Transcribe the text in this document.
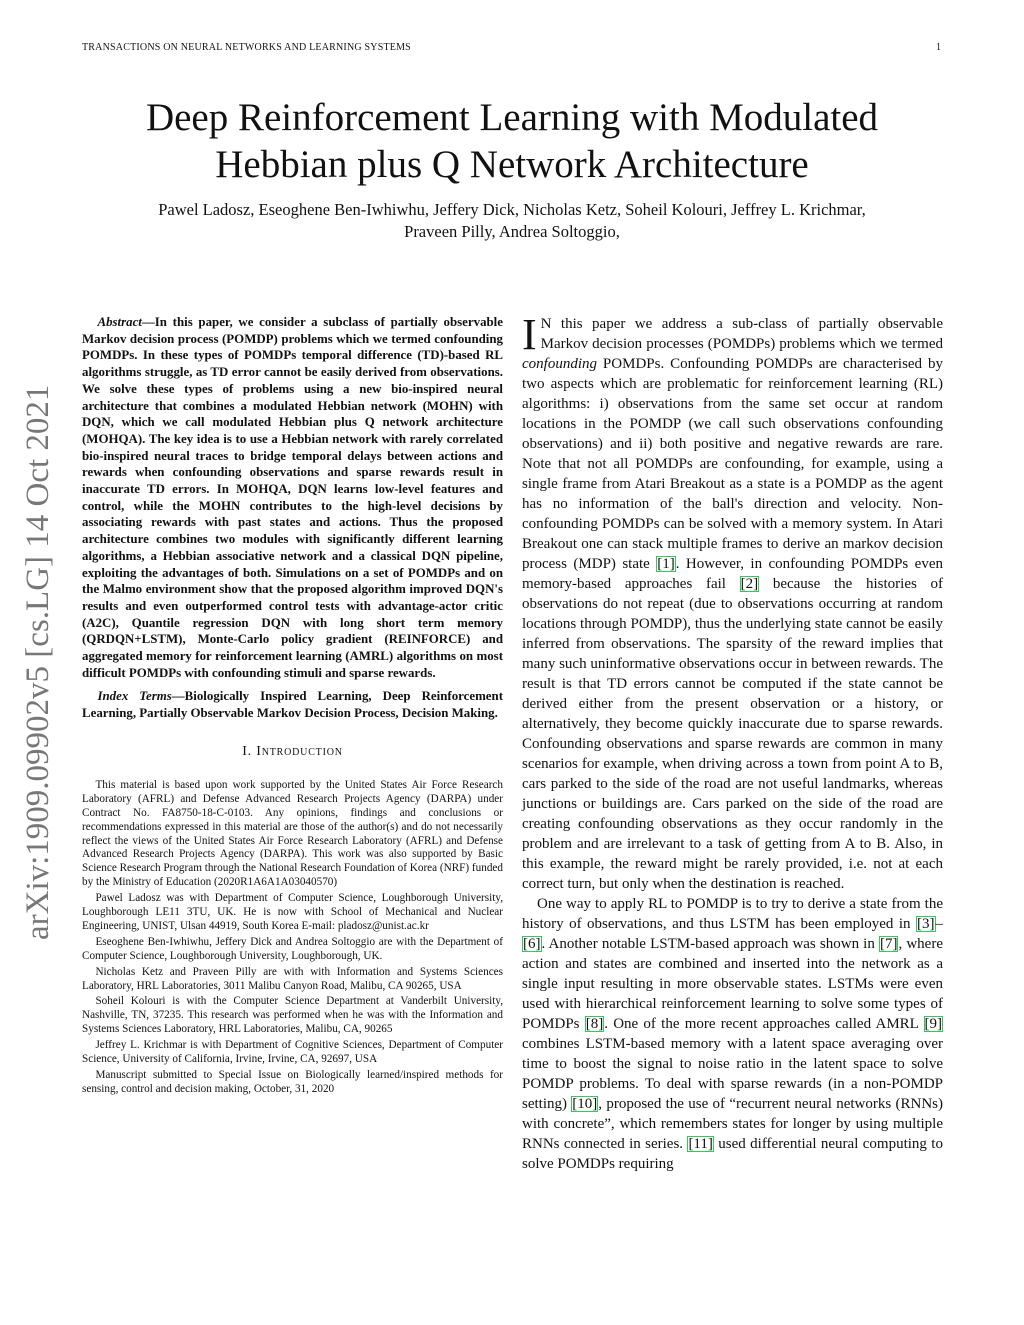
TRANSACTIONS ON NEURAL NETWORKS AND LEARNING SYSTEMS	1
arXiv:1909.09902v5 [cs.LG] 14 Oct 2021
Deep Reinforcement Learning with Modulated
Hebbian plus Q Network Architecture
Pawel Ladosz, Eseoghene Ben-Iwhiwhu, Jeffery Dick, Nicholas Ketz, Soheil Kolouri, Jeffrey L. Krichmar,
Praveen Pilly, Andrea Soltoggio,

Abstract—In this paper, we consider a subclass of partially observable Markov decision process (POMDP) problems which we termed confounding POMDPs. In these types of POMDPs temporal difference (TD)-based RL algorithms struggle, as TD error cannot be easily derived from observations. We solve these types of problems using a new bio-inspired neural architecture that combines a modulated Hebbian network (MOHN) with DQN, which we call modulated Hebbian plus Q network architecture (MOHQA). The key idea is to use a Hebbian network with rarely correlated bio-inspired neural traces to bridge temporal delays between actions and rewards when confounding observations and sparse rewards result in inaccurate TD errors. In MOHQA, DQN learns low-level features and control, while the MOHN contributes to the high-level decisions by associating rewards with past states and actions. Thus the proposed architecture combines two modules with significantly different learning algorithms, a Hebbian associative network and a classical DQN pipeline, exploiting the advantages of both. Simulations on a set of POMDPs and on the Malmo environment show that the proposed algorithm improved DQN's results and even outperformed control tests with advantage-actor critic (A2C), Quantile regression DQN with long short term memory (QRDQN+LSTM), Monte-Carlo policy gradient (REINFORCE) and aggregated memory for reinforcement learning (AMRL) algorithms on most difficult POMDPs with confounding stimuli and sparse rewards.

Index Terms—Biologically Inspired Learning, Deep Reinforcement Learning, Partially Observable Markov Decision Process, Decision Making.

I. Introduction

This material is based upon work supported by the United States Air Force Research Laboratory (AFRL) and Defense Advanced Research Projects Agency (DARPA) under Contract No. FA8750-18-C-0103. Any opinions, findings and conclusions or recommendations expressed in this material are those of the author(s) and do not necessarily reflect the views of the United States Air Force Research Laboratory (AFRL) and Defense Advanced Research Projects Agency (DARPA). This work was also supported by Basic Science Research Program through the National Research Foundation of Korea (NRF) funded by the Ministry of Education (2020R1A6A1A03040570)

Pawel Ladosz was with Department of Computer Science, Loughborough University, Loughborough LE11 3TU, UK. He is now with School of Mechanical and Nuclear Engineering, UNIST, Ulsan 44919, South Korea E-mail: pladosz@unist.ac.kr

Eseoghene Ben-Iwhiwhu, Jeffery Dick and Andrea Soltoggio are with the Department of Computer Science, Loughborough University, Loughborough, UK.

Nicholas Ketz and Praveen Pilly are with with Information and Systems Sciences Laboratory, HRL Laboratories, 3011 Malibu Canyon Road, Malibu, CA 90265, USA

Soheil Kolouri is with the Computer Science Department at Vanderbilt University, Nashville, TN, 37235. This research was performed when he was with the Information and Systems Sciences Laboratory, HRL Laboratories, Malibu, CA, 90265

Jeffrey L. Krichmar is with Department of Cognitive Sciences, Department of Computer Science, University of California, Irvine, Irvine, CA, 92697, USA

Manuscript submitted to Special Issue on Biologically learned/inspired methods for sensing, control and decision making, October, 31, 2020

I N this paper we address a sub-class of partially observable Markov decision processes (POMDPs) problems which we termed confounding POMDPs. Confounding POMDPs are characterised by two aspects which are problematic for reinforcement learning (RL) algorithms: i) observations from the same set occur at random locations in the POMDP (we call such observations confounding observations) and ii) both positive and negative rewards are rare. Note that not all POMDPs are confounding, for example, using a single frame from Atari Breakout as a state is a POMDP as the agent has no information of the ball's direction and velocity. Non-confounding POMDPs can be solved with a memory system. In Atari Breakout one can stack multiple frames to derive an markov decision process (MDP) state [1]. However, in confounding POMDPs even memory-based approaches fail [2] because the histories of observations do not repeat (due to observations occurring at random locations through POMDP), thus the underlying state cannot be easily inferred from observations. The sparsity of the reward implies that many such uninformative observations occur in between rewards. The result is that TD errors cannot be computed if the state cannot be derived either from the present observation or a history, or alternatively, they become quickly inaccurate due to sparse rewards. Confounding observations and sparse rewards are common in many scenarios for example, when driving across a town from point A to B, cars parked to the side of the road are not useful landmarks, whereas junctions or buildings are. Cars parked on the side of the road are creating confounding observations as they occur randomly in the problem and are irrelevant to a task of getting from A to B. Also, in this example, the reward might be rarely provided, i.e. not at each correct turn, but only when the destination is reached.

One way to apply RL to POMDP is to try to derive a state from the history of observations, and thus LSTM has been employed in [3]–[6]. Another notable LSTM-based approach was shown in [7], where action and states are combined and inserted into the network as a single input resulting in more observable states. LSTMs were even used with hierarchical reinforcement learning to solve some types of POMDPs [8]. One of the more recent approaches called AMRL [9] combines LSTM-based memory with a latent space averaging over time to boost the signal to noise ratio in the latent space to solve POMDP problems. To deal with sparse rewards (in a non-POMDP setting) [10], proposed the use of “recurrent neural networks (RNNs) with concrete”, which remembers states for longer by using multiple RNNs connected in series. [11] used differential neural computing to solve POMDPs requiring
